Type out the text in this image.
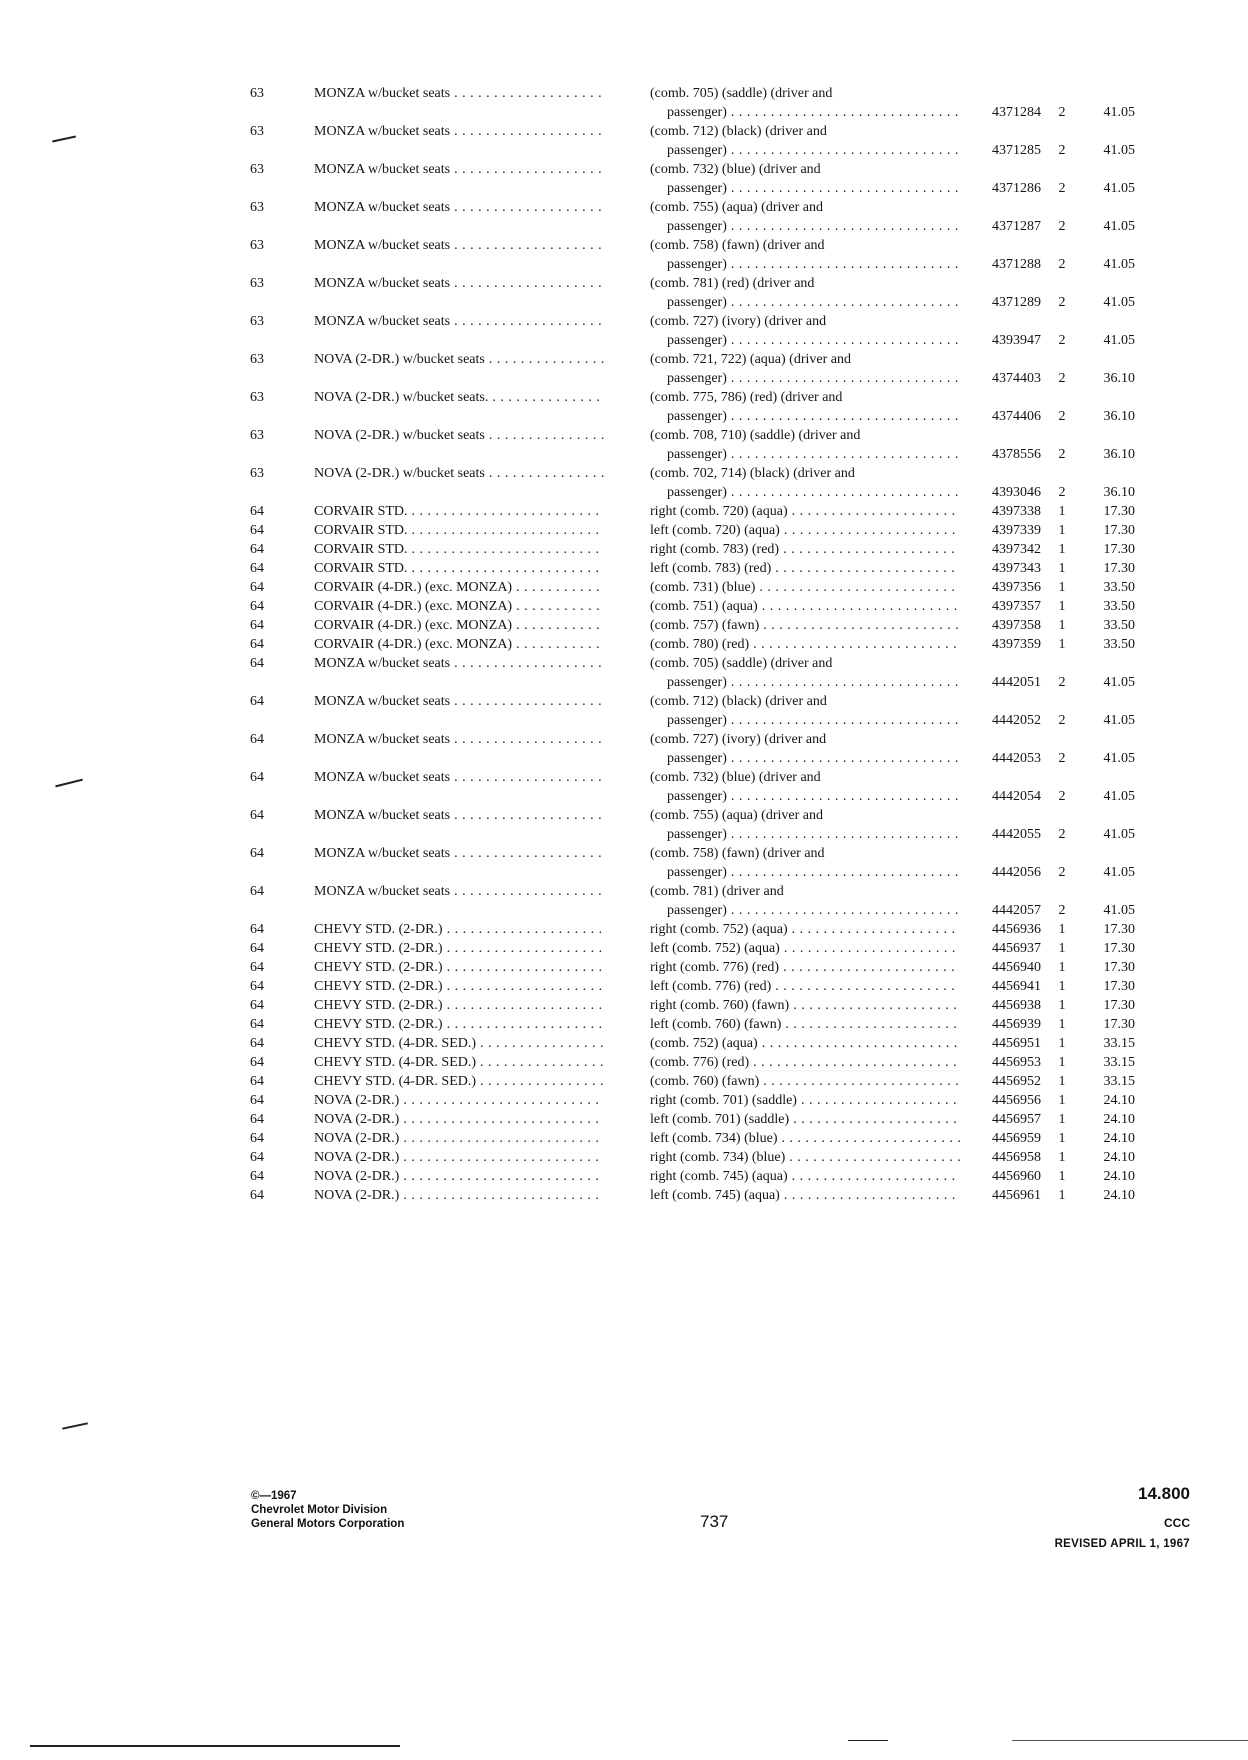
63	MONZA w/bucket seats . . .	(comb. 705) (saddle) (driver and
passenger) . . .	4371284	2	41.05
63	MONZA w/bucket seats . . .	(comb. 712) (black) (driver and
passenger) . . .	4371285	2	41.05
63	MONZA w/bucket seats . . .	(comb. 732) (blue) (driver and
passenger) . . .	4371286	2	41.05
63	MONZA w/bucket seats . . .	(comb. 755) (aqua) (driver and
passenger) . . .	4371287	2	41.05
63	MONZA w/bucket seats . . .	(comb. 758) (fawn) (driver and
passenger) . . .	4371288	2	41.05
63	MONZA w/bucket seats . . .	(comb. 781) (red) (driver and
passenger) . . .	4371289	2	41.05
63	MONZA w/bucket seats . . .	(comb. 727) (ivory) (driver and
passenger) . . .	4393947	2	41.05
63	NOVA (2-DR.) w/bucket seats . . .	(comb. 721, 722) (aqua) (driver and
passenger) . . .	4374403	2	36.10
63	NOVA (2-DR.) w/bucket seats. . . .	(comb. 775, 786) (red) (driver and
passenger) . . .	4374406	2	36.10
63	NOVA (2-DR.) w/bucket seats . . .	(comb. 708, 710) (saddle) (driver and
passenger) . . .	4378556	2	36.10
63	NOVA (2-DR.) w/bucket seats . . .	(comb. 702, 714) (black) (driver and
passenger) . . .	4393046	2	36.10
64	CORVAIR STD. . . .	right (comb. 720) (aqua) . . .	4397338	1	17.30
64	CORVAIR STD. . . .	left (comb. 720) (aqua) . . .	4397339	1	17.30
64	CORVAIR STD. . . .	right (comb. 783) (red) . . .	4397342	1	17.30
64	CORVAIR STD. . . .	left (comb. 783) (red) . . .	4397343	1	17.30
64	CORVAIR (4-DR.) (exc. MONZA) . . .	(comb. 731) (blue) . . .	4397356	1	33.50
64	CORVAIR (4-DR.) (exc. MONZA) . . .	(comb. 751) (aqua) . . .	4397357	1	33.50
64	CORVAIR (4-DR.) (exc. MONZA) . . .	(comb. 757) (fawn) . . .	4397358	1	33.50
64	CORVAIR (4-DR.) (exc. MONZA) . . .	(comb. 780) (red) . . .	4397359	1	33.50
64	MONZA w/bucket seats . . .	(comb. 705) (saddle) (driver and
passenger) . . .	4442051	2	41.05
64	MONZA w/bucket seats . . .	(comb. 712) (black) (driver and
passenger) . . .	4442052	2	41.05
64	MONZA w/bucket seats . . .	(comb. 727) (ivory) (driver and
passenger) . . .	4442053	2	41.05
64	MONZA w/bucket seats . . .	(comb. 732) (blue) (driver and
passenger) . . .	4442054	2	41.05
64	MONZA w/bucket seats . . .	(comb. 755) (aqua) (driver and
passenger) . . .	4442055	2	41.05
64	MONZA w/bucket seats . . .	(comb. 758) (fawn) (driver and
passenger) . . .	4442056	2	41.05
64	MONZA w/bucket seats . . .	(comb. 781) (driver and
passenger) . . .	4442057	2	41.05
64	CHEVY STD. (2-DR.) . . .	right (comb. 752) (aqua) . . .	4456936	1	17.30
64	CHEVY STD. (2-DR.) . . .	left (comb. 752) (aqua) . . .	4456937	1	17.30
64	CHEVY STD. (2-DR.) . . .	right (comb. 776) (red) . . .	4456940	1	17.30
64	CHEVY STD. (2-DR.) . . .	left (comb. 776) (red) . . .	4456941	1	17.30
64	CHEVY STD. (2-DR.) . . .	right (comb. 760) (fawn) . . .	4456938	1	17.30
64	CHEVY STD. (2-DR.) . . .	left (comb. 760) (fawn) . . .	4456939	1	17.30
64	CHEVY STD. (4-DR. SED.) . . .	(comb. 752) (aqua) . . .	4456951	1	33.15
64	CHEVY STD. (4-DR. SED.) . . .	(comb. 776) (red) . . .	4456953	1	33.15
64	CHEVY STD. (4-DR. SED.) . . .	(comb. 760) (fawn) . . .	4456952	1	33.15
64	NOVA (2-DR.) . . .	right (comb. 701) (saddle) . . .	4456956	1	24.10
64	NOVA (2-DR.) . . .	left (comb. 701) (saddle) . . .	4456957	1	24.10
64	NOVA (2-DR.) . . .	left (comb. 734) (blue) . . .	4456959	1	24.10
64	NOVA (2-DR.) . . .	right (comb. 734) (blue) . . .	4456958	1	24.10
64	NOVA (2-DR.) . . .	right (comb. 745) (aqua) . . .	4456960	1	24.10
64	NOVA (2-DR.) . . .	left (comb. 745) (aqua) . . .	4456961	1	24.10
©—1967
Chevrolet Motor Division
General Motors Corporation	737
14.800
CCC
REVISED APRIL 1, 1967
